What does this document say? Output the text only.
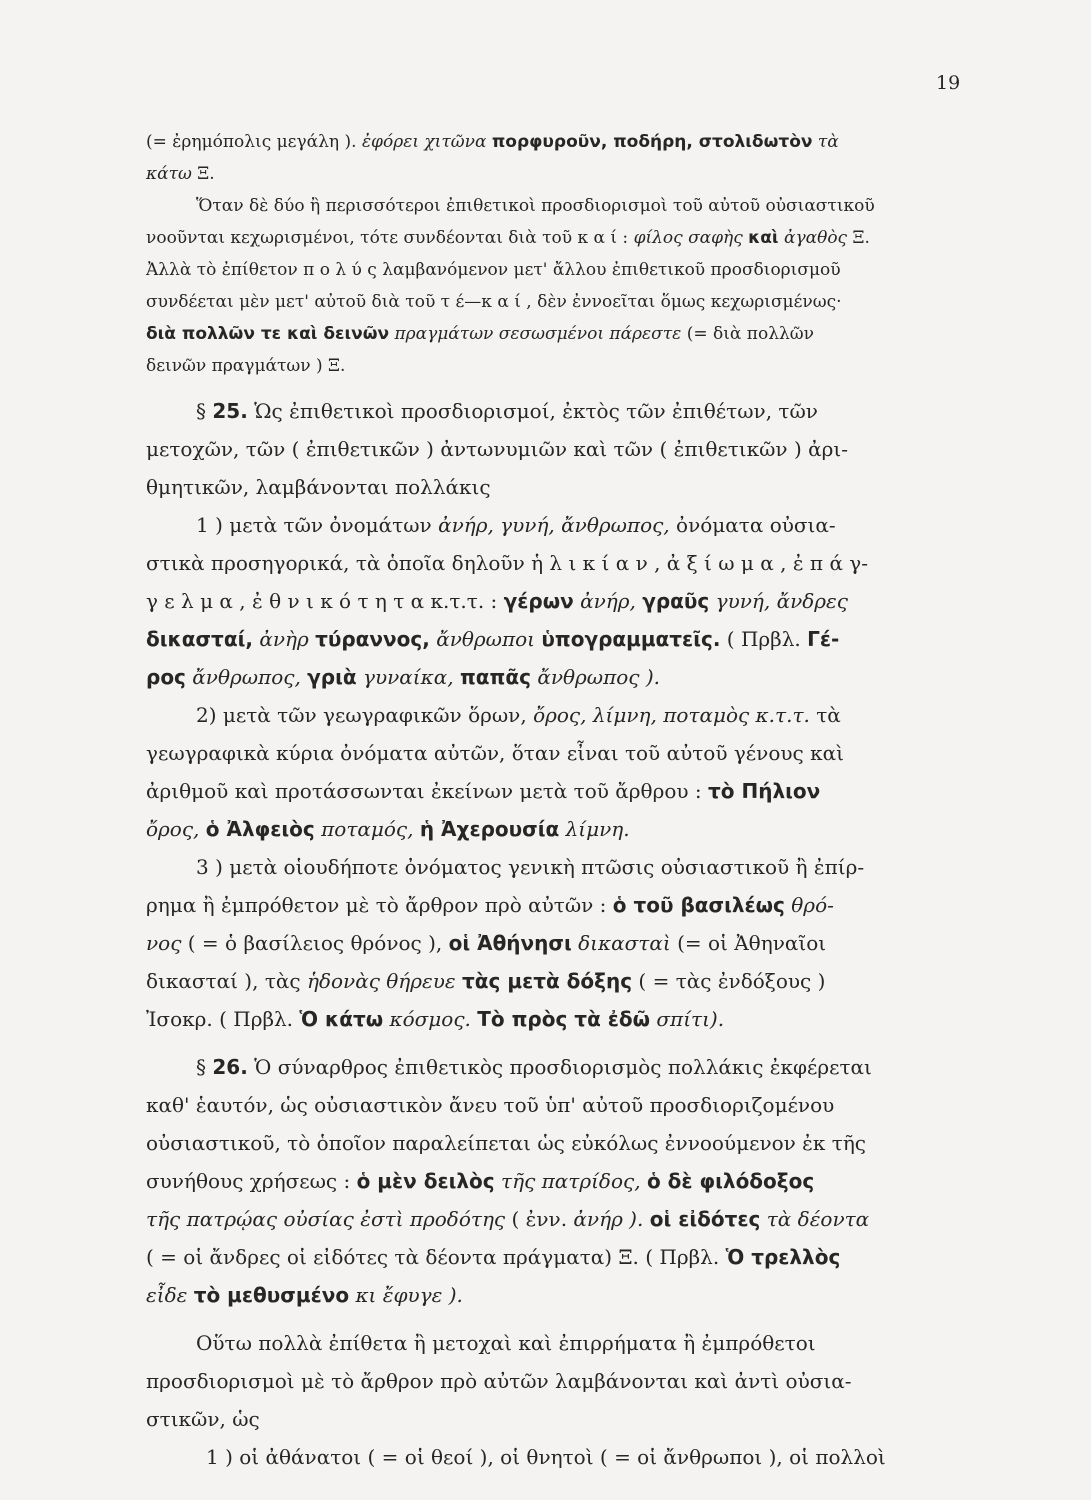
19
(= ἐρημόπολις μεγάλη ). ἐφόρει χιτῶνα πορφυροῦν, ποδήρη, στολιδωτὸν τὰ
κάτω Ξ.
Ὅταν δὲ δύο ἢ περισσότεροι ἐπιθετικοὶ προσδιορισμοὶ τοῦ αὐτοῦ οὐσιαστικοῦ
νοοῦνται κεχωρισμένοι, τότε συνδέονται διὰ τοῦ κ α ί : φίλος σαφὴς καὶ ἀγαθὸς Ξ.
Ἀλλὰ τὸ ἐπίθετον π ο λ ύ ς λαμβανόμενον μετ' ἄλλου ἐπιθετικοῦ προσδιορισμοῦ
συνδέεται μὲν μετ' αὐτοῦ διὰ τοῦ τ έ—κ α ί , δὲν ἐννοεῖται ὅμως κεχωρισμένως·
διὰ πολλῶν τε καὶ δεινῶν πραγμάτων σεσωσμένοι πάρεστε (= διὰ πολλῶν
δεινῶν πραγμάτων ) Ξ.
§ 25. Ὡς ἐπιθετικοὶ προσδιορισμοί, ἐκτὸς τῶν ἐπιθέτων, τῶν
μετοχῶν, τῶν ( ἐπιθετικῶν ) ἀντωνυμιῶν καὶ τῶν ( ἐπιθετικῶν ) ἀρι-
θμητικῶν, λαμβάνονται πολλάκις
1 ) μετὰ τῶν ὀνομάτων ἀνήρ, γυνή, ἄνθρωπος, ὀνόματα οὐσια-
στικὰ προσηγορικά, τὰ ὁποῖα δηλοῦν ἡ λ ι κ ί α ν , ἀ ξ ί ω μ α , ἐ π ά γ-
γ ε λ μ α , ἐ θ ν ι κ ό τ η τ α κ.τ.τ. : γέρων ἀνήρ, γραῦς γυνή, ἄνδρες
δικασταί, ἀνὴρ τύραννος, ἄνθρωποι ὑπογραμματεῖς. ( Πρβλ. Γέ-
ρος ἄνθρωπος, γριὰ γυναίκα, παπᾶς ἄνθρωπος ).
2) μετὰ τῶν γεωγραφικῶν ὅρων, ὄρος, λίμνη, ποταμὸς κ.τ.τ. τὰ
γεωγραφικὰ κύρια ὀνόματα αὐτῶν, ὅταν εἶναι τοῦ αὐτοῦ γένους καὶ
ἀριθμοῦ καὶ προτάσσωνται ἐκείνων μετὰ τοῦ ἄρθρου : τὸ Πήλιον
ὄρος, ὁ Ἀλφειὸς ποταμός, ἡ Ἀχερουσία λίμνη.
3 ) μετὰ οἱουδήποτε ὀνόματος γενικὴ πτῶσις οὐσιαστικοῦ ἢ ἐπίρ-
ρημα ἢ ἐμπρόθετον μὲ τὸ ἄρθρον πρὸ αὐτῶν : ὁ τοῦ βασιλέως θρό-
νος ( = ὁ βασίλειος θρόνος ), οἱ Ἀθήνησι δικασταὶ (= οἱ Ἀθηναῖοι
δικασταί ), τὰς ἡδονὰς θήρευε τὰς μετὰ δόξης ( = τὰς ἐνδόξους )
Ἰσοκρ. ( Πρβλ. Ὁ κάτω κόσμος. Τὸ πρὸς τὰ ἐδῶ σπίτι).
§ 26. Ὁ σύναρθρος ἐπιθετικὸς προσδιορισμὸς πολλάκις ἐκφέρεται
καθ' ἑαυτόν, ὡς οὐσιαστικὸν ἄνευ τοῦ ὑπ' αὐτοῦ προσδιοριζομένου
οὐσιαστικοῦ, τὸ ὁποῖον παραλείπεται ὡς εὐκόλως ἐννοούμενον ἐκ τῆς
συνήθους χρήσεως : ὁ μὲν δειλὸς τῆς πατρίδος, ὁ δὲ φιλόδοξος
τῆς πατρῴας οὐσίας ἐστὶ προδότης ( ἐνν. ἀνήρ ). οἱ εἰδότες τὰ δέοντα
( = οἱ ἄνδρες οἱ εἰδότες τὰ δέοντα πράγματα) Ξ. ( Πρβλ. Ὁ τρελλὸς
εἶδε τὸ μεθυσμένο κι ἔφυγε ).
Οὕτω πολλὰ ἐπίθετα ἢ μετοχαὶ καὶ ἐπιρρήματα ἢ ἐμπρόθετοι
προσδιορισμοὶ μὲ τὸ ἄρθρον πρὸ αὐτῶν λαμβάνονται καὶ ἀντὶ οὐσια-
στικῶν, ὡς
1 ) οἱ ἀθάνατοι ( = οἱ θεοί ), οἱ θνητοὶ ( = οἱ ἄνθρωποι ), οἱ πολλοὶ
